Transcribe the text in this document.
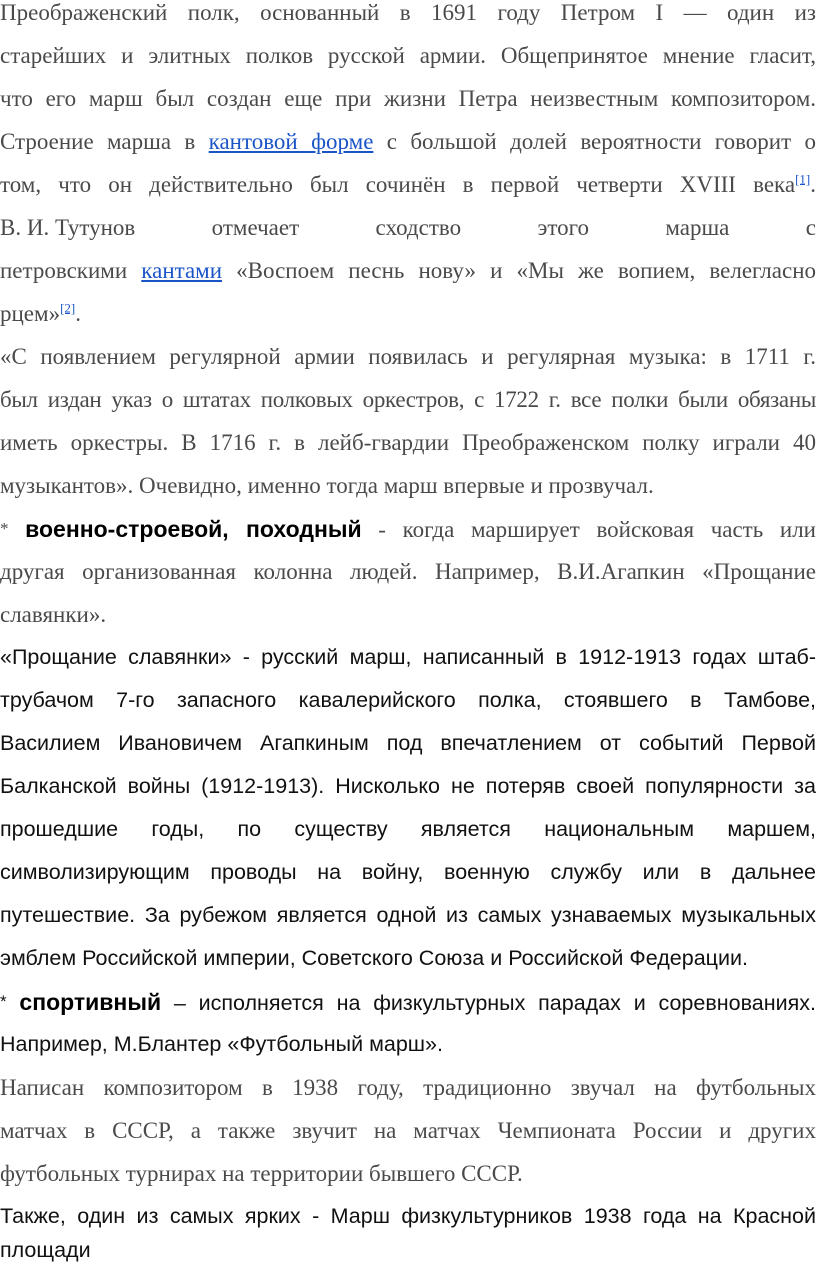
Преображенский полк, основанный в 1691 году Петром I — один из
старейших и элитных полков русской армии. Общепринятое мнение гласит,
что его марш был создан еще при жизни Петра неизвестным композитором.
Строение марша в кантовой форме с большой долей вероятности говорит о
том, что он действительно был сочинён в первой четверти XVIII века[1].
В. И. Тутунов	отмечает	сходство	этого	марша	с
петровскими кантами «Воспоем песнь нову» и «Мы же вопием, велегласно
рцем»[2].
«С появлением регулярной армии появилась и регулярная музыка: в 1711 г.
был издан указ о штатах полковых оркестров, с 1722 г. все полки были обязаны
иметь оркестры. В 1716 г. в лейб-гвардии Преображенском полку играли 40
музыкантов». Очевидно, именно тогда марш впервые и прозвучал.
* военно-строевой, походный - когда марширует войсковая часть или
другая организованная колонна людей. Например, В.И.Агапкин «Прощание
славянки».
«Прощание славянки» - русский марш, написанный в 1912-1913 годах штаб-
трубачом 7-го запасного кавалерийского полка, стоявшего в Тамбове,
Василием Ивановичем Агапкиным под впечатлением от событий Первой
Балканской войны (1912-1913). Нисколько не потеряв своей популярности за
прошедшие годы, по существу является национальным маршем,
символизирующим проводы на войну, военную службу или в дальнее
путешествие. За рубежом является одной из самых узнаваемых музыкальных
эмблем Российской империи, Советского Союза и Российской Федерации.
* спортивный – исполняется на физкультурных парадах и соревнованиях.
Например, М.Блантер «Футбольный марш».
Написан композитором в 1938 году, традиционно звучал на футбольных
матчах в СССР, а также звучит на матчах Чемпионата России и других
футбольных турнирах на территории бывшего СССР.
Также, один из самых ярких - Марш физкультурников 1938 года на Красной
площади
